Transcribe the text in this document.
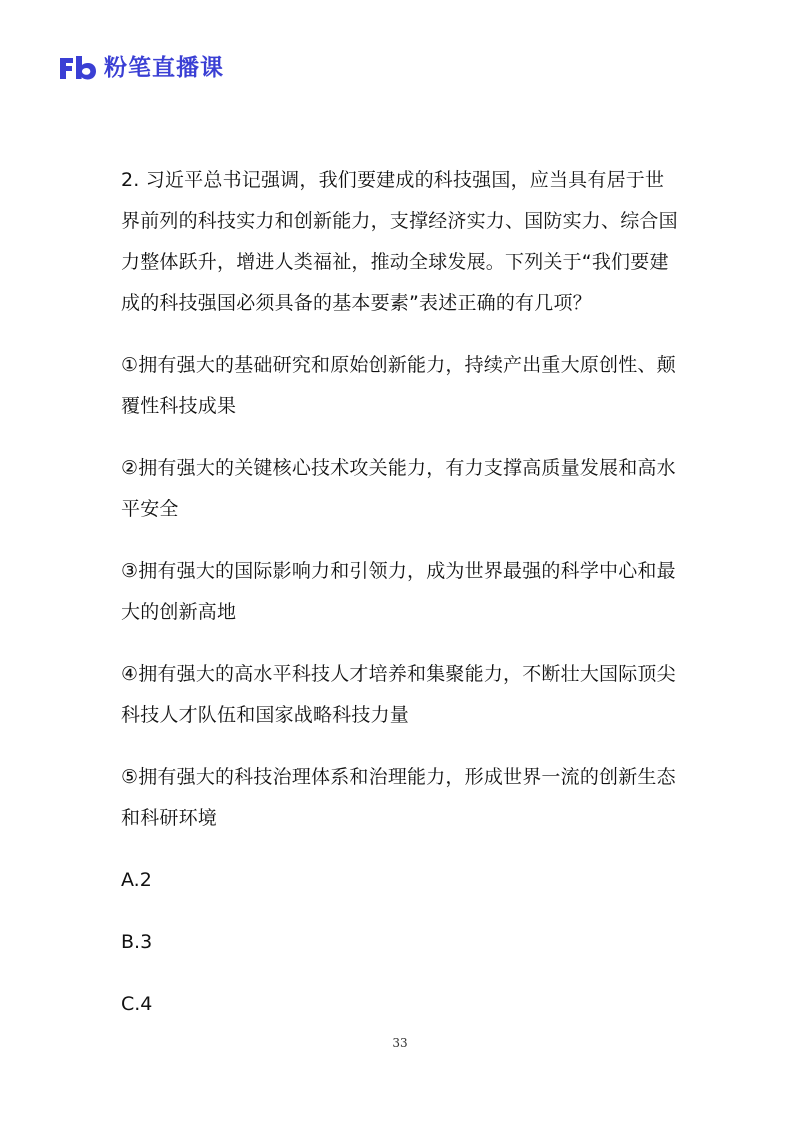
粉笔直播课

2. 习近平总书记强调，我们要建成的科技强国，应当具有居于世界前列的科技实力和创新能力，支撑经济实力、国防实力、综合国力整体跃升，增进人类福祉，推动全球发展。下列关于“我们要建成的科技强国必须具备的基本要素”表述正确的有几项？

①拥有强大的基础研究和原始创新能力，持续产出重大原创性、颠覆性科技成果

②拥有强大的关键核心技术攻关能力，有力支撑高质量发展和高水平安全

③拥有强大的国际影响力和引领力，成为世界最强的科学中心和最大的创新高地

④拥有强大的高水平科技人才培养和集聚能力，不断壮大国际顶尖科技人才队伍和国家战略科技力量

⑤拥有强大的科技治理体系和治理能力，形成世界一流的创新生态和科研环境

A.2

B.3

C.4

33
